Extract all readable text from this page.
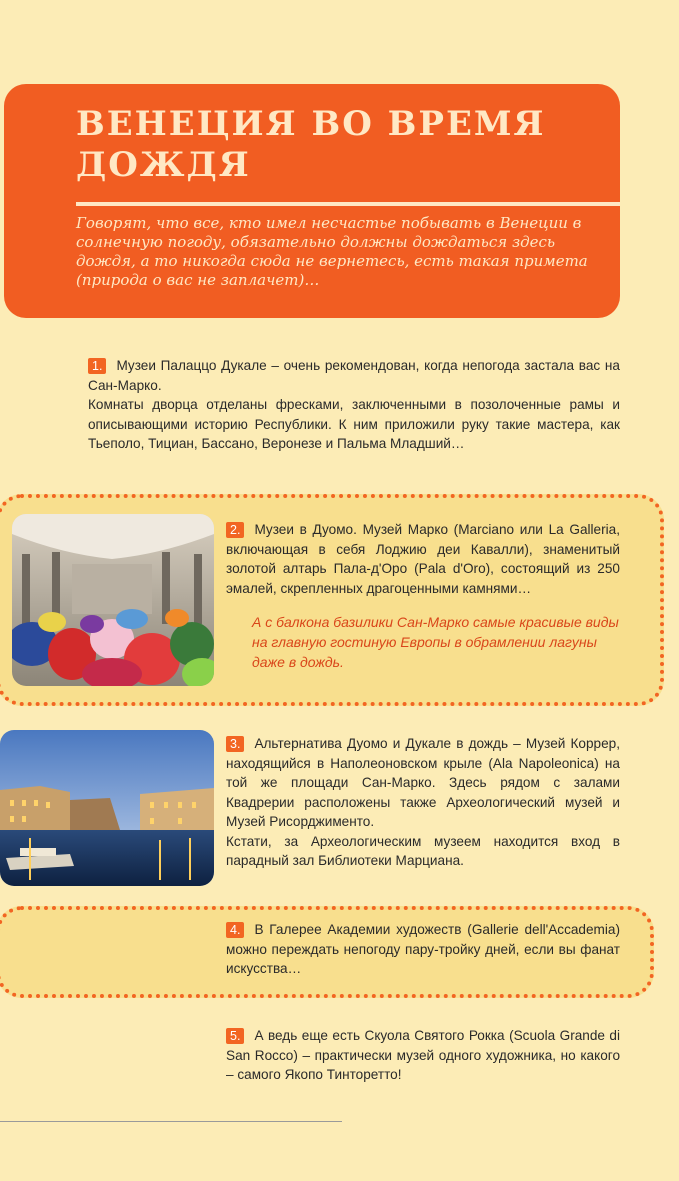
ВЕНЕЦИЯ ВО ВРЕМЯ ДОЖДЯ

Говорят, что все, кто имел несчастье побывать в Венеции в солнечную погоду, обязательно должны дождаться здесь дождя, а то никогда сюда не вернетесь, есть такая примета (природа о вас не заплачет)…

1. Музеи Палаццо Дукале – очень рекомендован, когда непогода застала вас на Сан-Марко.

Комнаты дворца отделаны фресками, заключенными в позолоченные рамы и описывающими историю Республики. К ним приложили руку такие мастера, как Тьеполо, Тициан, Бассано, Веронезе и Пальма Младший…

2. Музеи в Дуомо. Музей Марко (Marciano или La Galleria, включающая в себя Лоджию деи Кавалли), знаменитый золотой алтарь Пала-д'Оро (Pala d'Oro), состоящий из 250 эмалей, скрепленных драгоценными камнями…

А с балкона базилики Сан-Марко самые красивые виды на главную гостиную Европы в обрамлении лагуны даже в дождь.

3. Альтернатива Дуомо и Дукале в дождь – Музей Коррер, находящийся в Наполеоновском крыле (Ala Napoleonica) на той же площади Сан-Марко. Здесь рядом с залами Квадрерии расположены также Археологический музей и Музей Рисорджименто.

Кстати, за Археологическим музеем находится вход в парадный зал Библиотеки Марциана.

4. В Галерее Академии художеств (Gallerie dell'Accademia) можно переждать непогоду пару-тройку дней, если вы фанат искусства…

5. А ведь еще есть Скуола Святого Рокка (Scuola Grande di San Rocco) – практически музей одного художника, но какого – самого Якопо Тинторетто!
